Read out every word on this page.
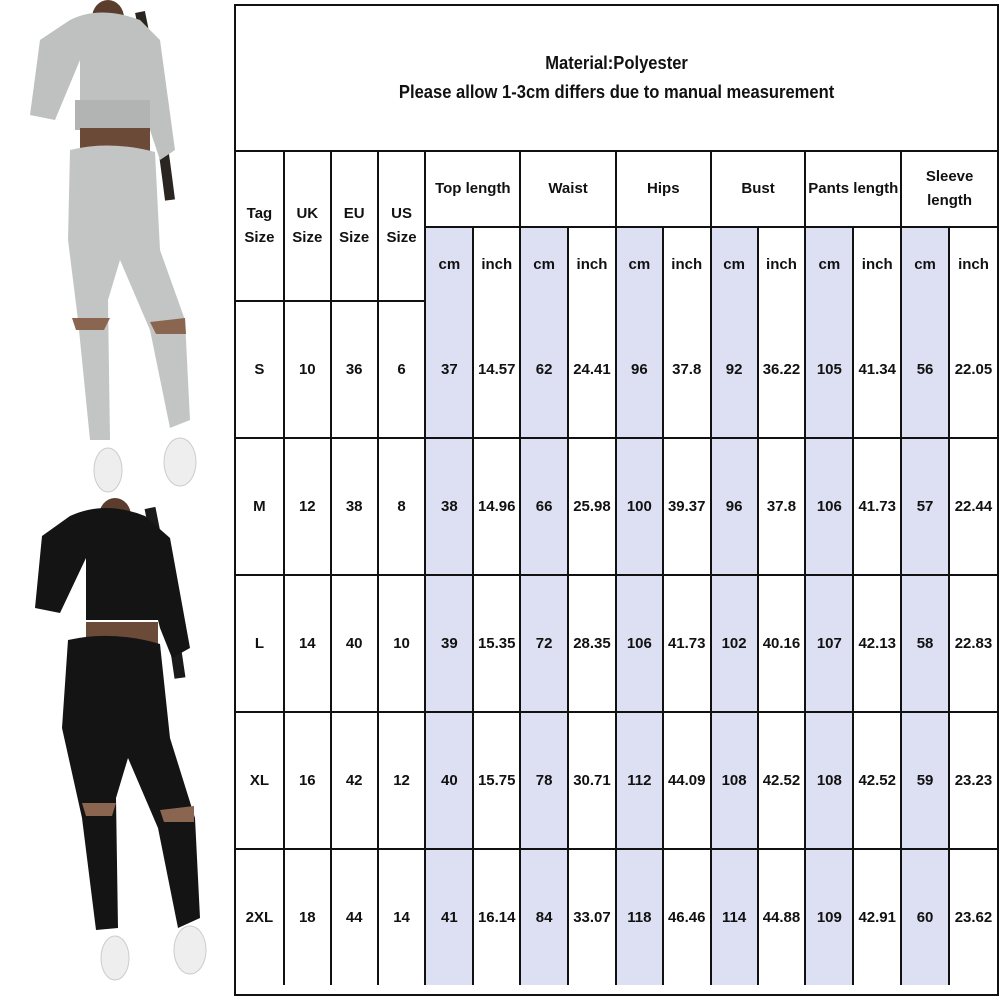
Material:Polyester
Please allow 1-3cm differs due to manual measurement
Tag Size	UK Size	EU Size	US Size	Top length		Waist		Hips		Bust		Pants length		Sleeve length	
				cm	inch	cm	inch	cm	inch	cm	inch	cm	inch	cm	inch
S	10	36	6	37	14.57	62	24.41	96	37.8	92	36.22	105	41.34	56	22.05
M	12	38	8	38	14.96	66	25.98	100	39.37	96	37.8	106	41.73	57	22.44
L	14	40	10	39	15.35	72	28.35	106	41.73	102	40.16	107	42.13	58	22.83
XL	16	42	12	40	15.75	78	30.71	112	44.09	108	42.52	108	42.52	59	23.23
2XL	18	44	14	41	16.14	84	33.07	118	46.46	114	44.88	109	42.91	60	23.62
